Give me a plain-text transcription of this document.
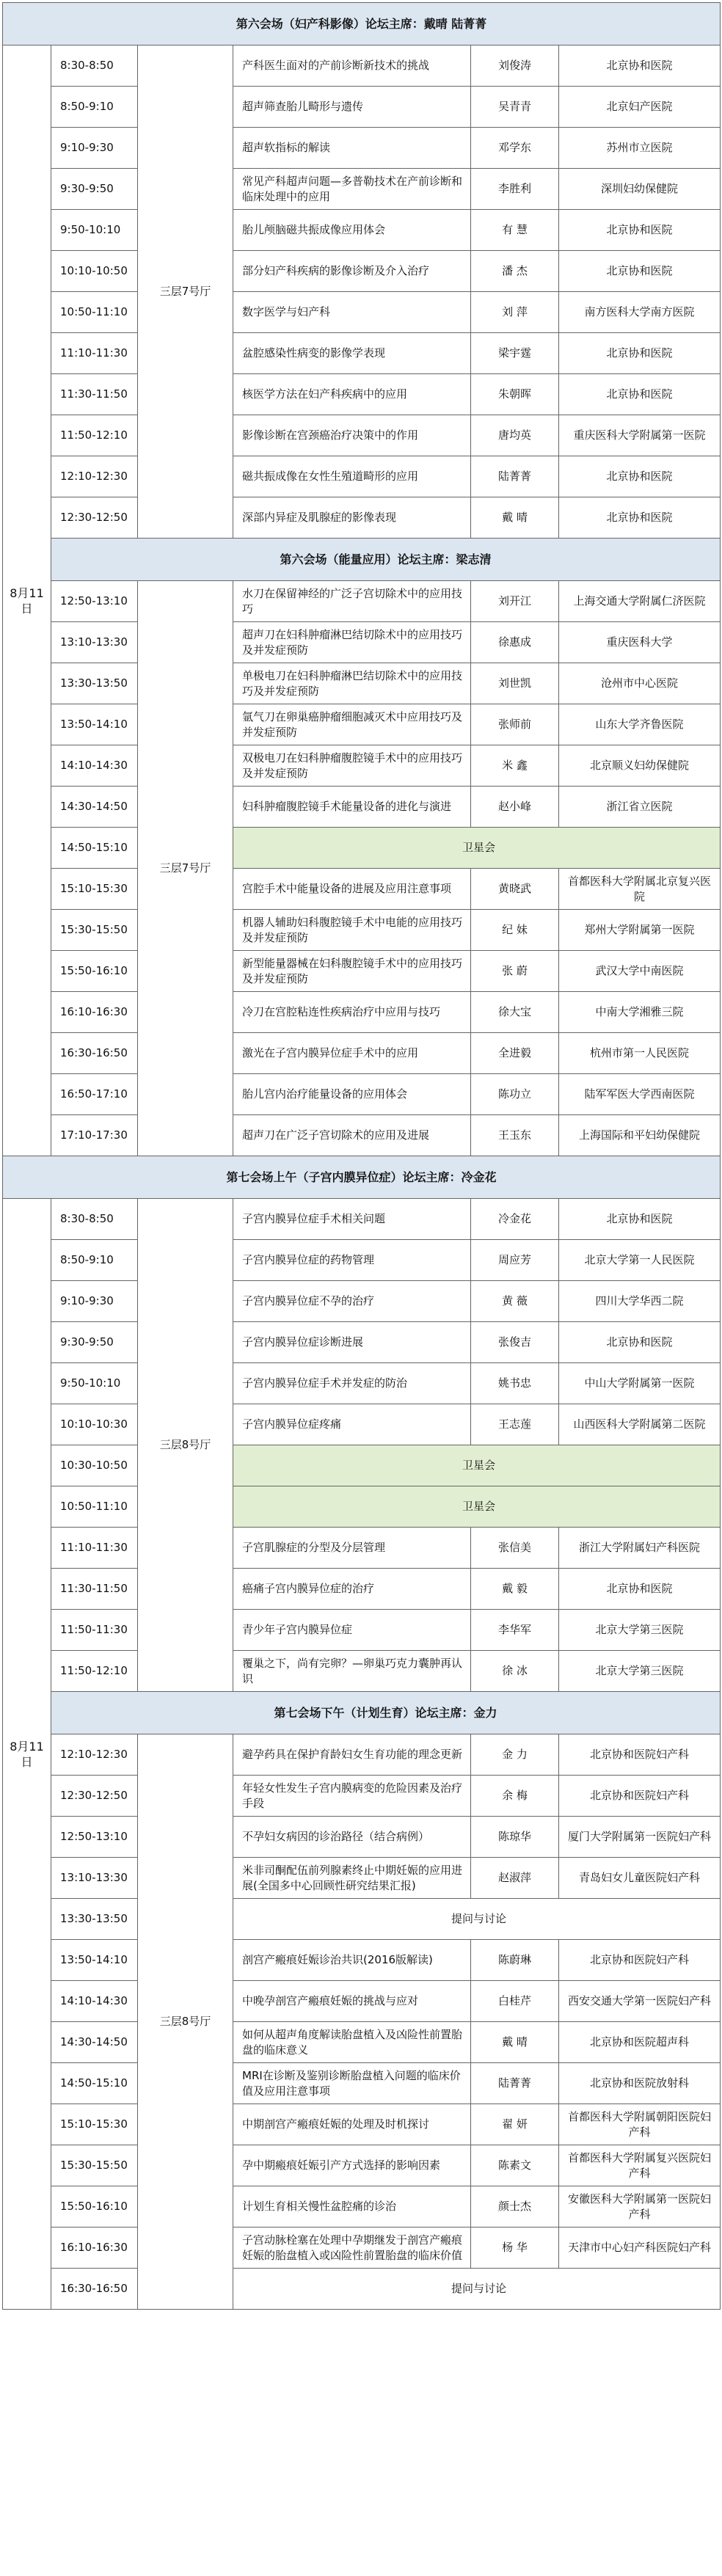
第六会场（妇产科影像）论坛主席：戴晴 陆菁菁					
8月11日	8:30-8:50	三层7号厅	产科医生面对的产前诊断新技术的挑战	刘俊涛	北京协和医院
	8:50-9:10		超声筛查胎儿畸形与遗传	吴青青	北京妇产医院
	9:10-9:30		超声软指标的解读	邓学东	苏州市立医院
	9:30-9:50		常见产科超声问题—多普勒技术在产前诊断和临床处理中的应用	李胜利	深圳妇幼保健院
	9:50-10:10		胎儿颅脑磁共振成像应用体会	有 慧	北京协和医院
	10:10-10:50		部分妇产科疾病的影像诊断及介入治疗	潘 杰	北京协和医院
	10:50-11:10		数字医学与妇产科	刘 萍	南方医科大学南方医院
	11:10-11:30		盆腔感染性病变的影像学表现	梁宇霆	北京协和医院
	11:30-11:50		核医学方法在妇产科疾病中的应用	朱朝晖	北京协和医院
	11:50-12:10		影像诊断在宫颈癌治疗决策中的作用	唐均英	重庆医科大学附属第一医院
	12:10-12:30		磁共振成像在女性生殖道畸形的应用	陆菁菁	北京协和医院
	12:30-12:50		深部内异症及肌腺症的影像表现	戴 晴	北京协和医院
	第六会场（能量应用）论坛主席：梁志清				
	12:50-13:10	三层7号厅	水刀在保留神经的广泛子宫切除术中的应用技巧	刘开江	上海交通大学附属仁济医院
	13:10-13:30		超声刀在妇科肿瘤淋巴结切除术中的应用技巧及并发症预防	徐惠成	重庆医科大学
	13:30-13:50		单极电刀在妇科肿瘤淋巴结切除术中的应用技巧及并发症预防	刘世凯	沧州市中心医院
	13:50-14:10		氩气刀在卵巢癌肿瘤细胞减灭术中应用技巧及并发症预防	张师前	山东大学齐鲁医院
	14:10-14:30		双极电刀在妇科肿瘤腹腔镜手术中的应用技巧及并发症预防	米 鑫	北京顺义妇幼保健院
	14:30-14:50		妇科肿瘤腹腔镜手术能量设备的进化与演进	赵小峰	浙江省立医院
	14:50-15:10		卫星会		
	15:10-15:30		宫腔手术中能量设备的进展及应用注意事项	黄晓武	首都医科大学附属北京复兴医院
	15:30-15:50		机器人辅助妇科腹腔镜手术中电能的应用技巧及并发症预防	纪 妹	郑州大学附属第一医院
	15:50-16:10		新型能量器械在妇科腹腔镜手术中的应用技巧及并发症预防	张 蔚	武汉大学中南医院
	16:10-16:30		冷刀在宫腔粘连性疾病治疗中应用与技巧	徐大宝	中南大学湘雅三院
	16:30-16:50		激光在子宫内膜异位症手术中的应用	全进毅	杭州市第一人民医院
	16:50-17:10		胎儿宫内治疗能量设备的应用体会	陈功立	陆军军医大学西南医院
	17:10-17:30		超声刀在广泛子宫切除术的应用及进展	王玉东	上海国际和平妇幼保健院
第七会场上午（子宫内膜异位症）论坛主席：冷金花					
8月11日	8:30-8:50	三层8号厅	子宫内膜异位症手术相关问题	冷金花	北京协和医院
	8:50-9:10		子宫内膜异位症的药物管理	周应芳	北京大学第一人民医院
	9:10-9:30		子宫内膜异位症不孕的治疗	黄 薇	四川大学华西二院
	9:30-9:50		子宫内膜异位症诊断进展	张俊吉	北京协和医院
	9:50-10:10		子宫内膜异位症手术并发症的防治	姚书忠	中山大学附属第一医院
	10:10-10:30		子宫内膜异位症疼痛	王志莲	山西医科大学附属第二医院
	10:30-10:50		卫星会		
	10:50-11:10		卫星会		
	11:10-11:30		子宫肌腺症的分型及分层管理	张信美	浙江大学附属妇产科医院
	11:30-11:50		癌痛子宫内膜异位症的治疗	戴 毅	北京协和医院
	11:50-11:30		青少年子宫内膜异位症	李华军	北京大学第三医院
	11:50-12:10		覆巢之下，尚有完卵？—卵巢巧克力囊肿再认识	徐 冰	北京大学第三医院
	第七会场下午（计划生育）论坛主席：金力				
	12:10-12:30	三层8号厅	避孕药具在保护育龄妇女生育功能的理念更新	金 力	北京协和医院妇产科
	12:30-12:50		年轻女性发生子宫内膜病变的危险因素及治疗手段	余 梅	北京协和医院妇产科
	12:50-13:10		不孕妇女病因的诊治路径（结合病例）	陈琼华	厦门大学附属第一医院妇产科
	13:10-13:30		米非司酮配伍前列腺素终止中期妊娠的应用进展(全国多中心回顾性研究结果汇报)	赵淑萍	青岛妇女儿童医院妇产科
	13:30-13:50		提问与讨论		
	13:50-14:10		剖宫产瘢痕妊娠诊治共识(2016版解读)	陈蔚琳	北京协和医院妇产科
	14:10-14:30		中晚孕剖宫产瘢痕妊娠的挑战与应对	白桂芹	西安交通大学第一医院妇产科
	14:30-14:50		如何从超声角度解读胎盘植入及凶险性前置胎盘的临床意义	戴 晴	北京协和医院超声科
	14:50-15:10		MRI在诊断及鉴别诊断胎盘植入问题的临床价值及应用注意事项	陆菁菁	北京协和医院放射科
	15:10-15:30		中期剖宫产瘢痕妊娠的处理及时机探讨	翟 妍	首都医科大学附属朝阳医院妇产科
	15:30-15:50		孕中期瘢痕妊娠引产方式选择的影响因素	陈素文	首都医科大学附属复兴医院妇产科
	15:50-16:10		计划生育相关慢性盆腔痛的诊治	颜士杰	安徽医科大学附属第一医院妇产科
	16:10-16:30		子宫动脉栓塞在处理中孕期继发于剖宫产瘢痕妊娠的胎盘植入或凶险性前置胎盘的临床价值	杨 华	天津市中心妇产科医院妇产科
	16:30-16:50		提问与讨论		
